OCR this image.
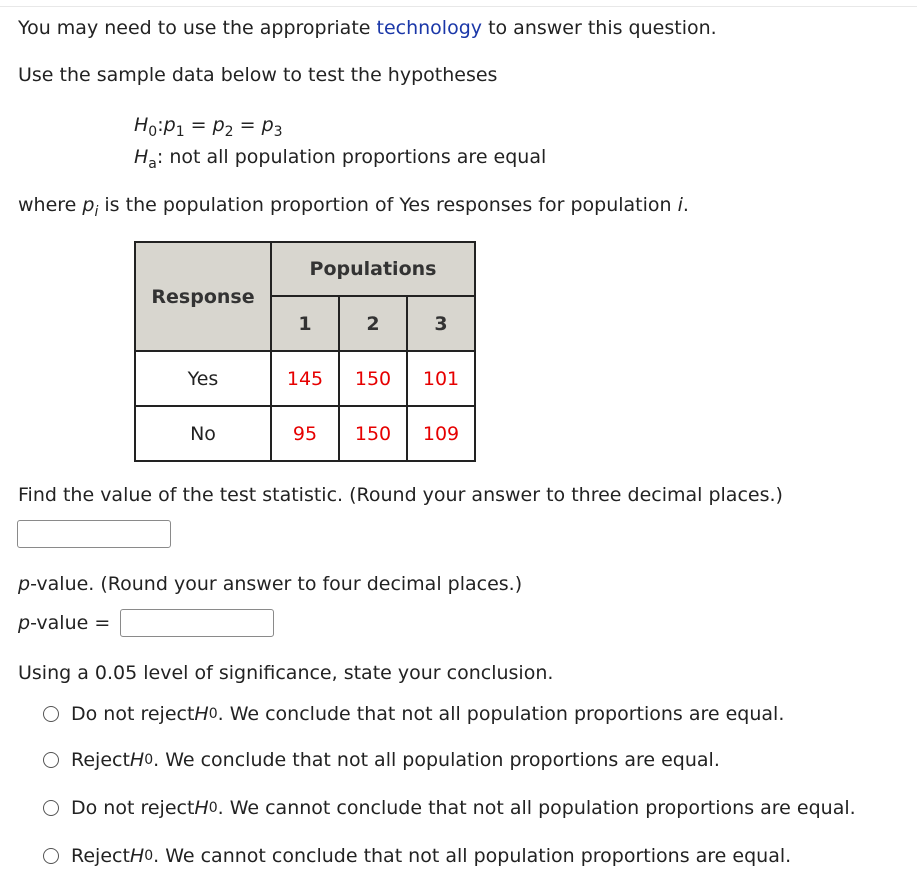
You may need to use the appropriate technology to answer this question.
Use the sample data below to test the hypotheses
$H_0:p_1 = p_2 = p_3$
$H_a$: not all population proportions are equal
where $p_i$ is the population proportion of Yes responses for population i.
Response	Populations		
	1	2	3
Yes	145	150	101
No	95	150	109
Find the value of the test statistic. (Round your answer to three decimal places.)
p-value. (Round your answer to four decimal places.)
p-value =
Using a 0.05 level of significance, state your conclusion.
Do not reject H 0 . We conclude that not all population proportions are equal.
Reject H 0 . We conclude that not all population proportions are equal.
Do not reject H 0 . We cannot conclude that not all population proportions are equal.
Reject H 0 . We cannot conclude that not all population proportions are equal.
